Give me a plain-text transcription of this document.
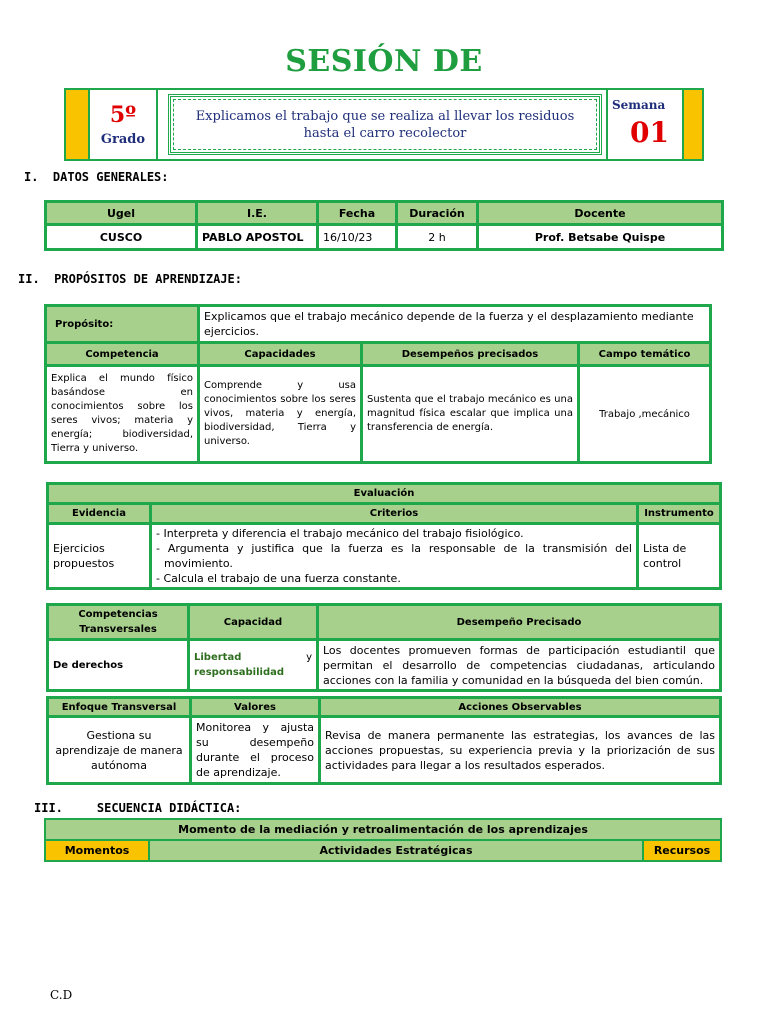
SESIÓN DE
5º
Grado
Explicamos el trabajo que se realiza al llevar los residuos hasta el carro recolector
Semana
01
I. DATOS GENERALES:
Ugel	I.E.	Fecha	Duración	Docente
CUSCO	PABLO APOSTOL	16/10/23	2 h	Prof. Betsabe Quispe
II. PROPÓSITOS DE APRENDIZAJE:
Propósito:	Explicamos que el trabajo mecánico depende de la fuerza y el desplazamiento mediante ejercicios.		
Competencia	Capacidades	Desempeños precisados	Campo temático
Explica el mundo físico basándose en conocimientos sobre los seres vivos; materia y energía; biodiversidad, Tierra y universo.	Comprende y usa conocimientos sobre los seres vivos, materia y energía, biodiversidad, Tierra y universo.	Sustenta que el trabajo mecánico es una magnitud física escalar que implica una transferencia de energía.	Trabajo ,mecánico
Evaluación		
Evidencia	Criterios	Instrumento
Ejercicios propuestos	- Interpreta y diferencia el trabajo mecánico del trabajo fisiológico.
- Argumenta y justifica que la fuerza es la responsable de la transmisión del movimiento.
- Calcula el trabajo de una fuerza constante.	Lista de control
Competencias Transversales	Capacidad	Desempeño Precisado
De derechos	Libertad y
responsabilidad	Los docentes promueven formas de participación estudiantil que permitan el desarrollo de competencias ciudadanas, articulando acciones con la familia y comunidad en la búsqueda del bien común.
Enfoque Transversal	Valores	Acciones Observables
Gestiona su aprendizaje de manera autónoma	Monitorea y ajusta su desempeño durante el proceso de aprendizaje.	Revisa de manera permanente las estrategias, los avances de las acciones propuestas, su experiencia previa y la priorización de sus actividades para llegar a los resultados esperados.
III.	SECUENCIA DIDÁCTICA:
Momento de la mediación y retroalimentación de los aprendizajes
Momentos	Actividades Estratégicas	Recursos
C.D
